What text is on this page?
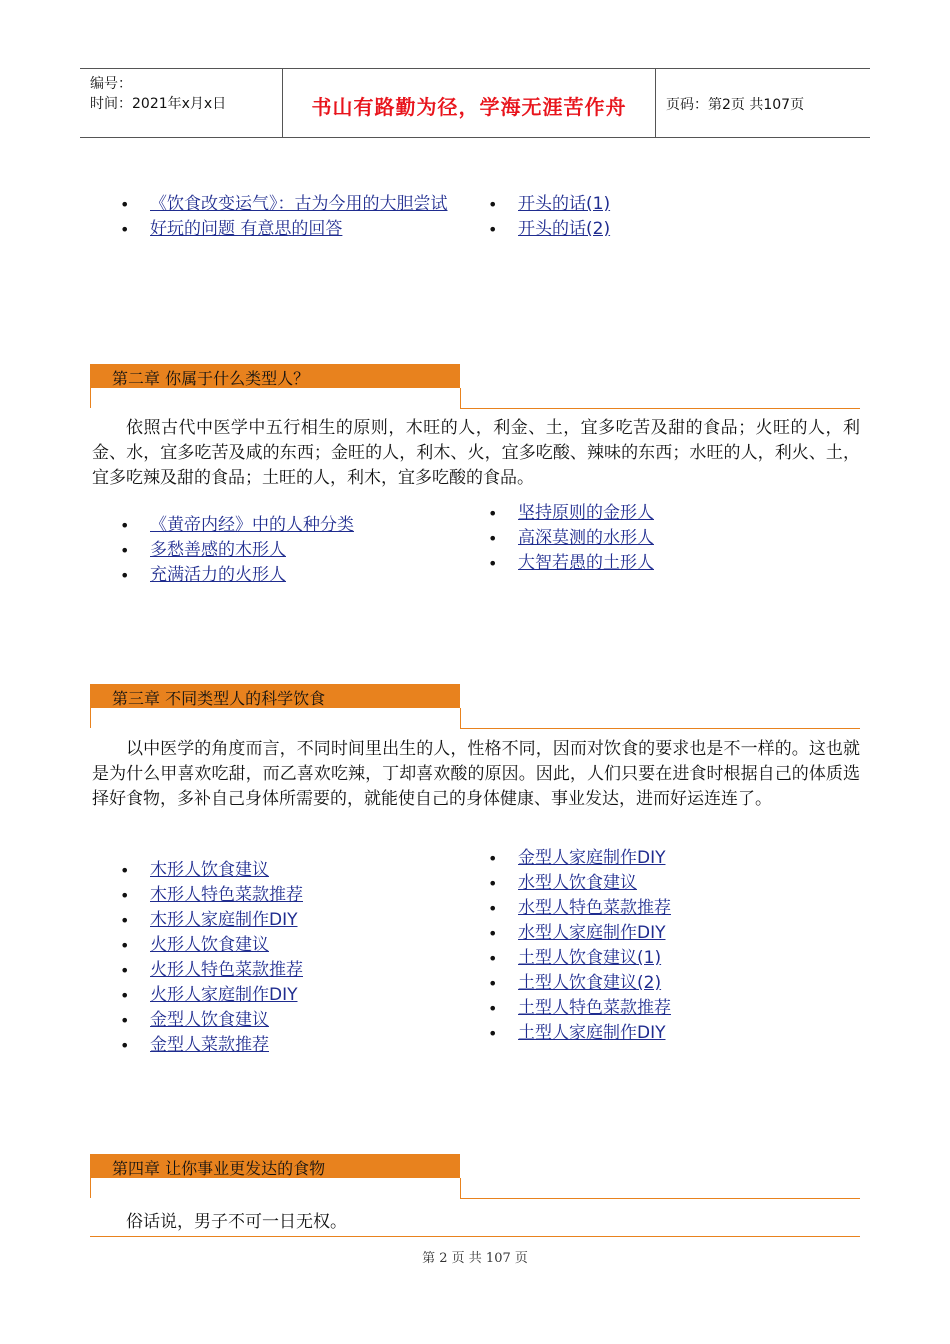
编号：
时间：2021年x月x日	书山有路勤为径，学海无涯苦作舟	页码：第2页 共107页
• 《饮食改变运气》：古为今用的大胆尝试
• 好玩的问题 有意思的回答
• 开头的话(1)
• 开头的话(2)
第二章 你属于什么类型人？

依照古代中医学中五行相生的原则，木旺的人，利金、土，宜多吃苦及甜的食品；火旺的人，利金、水，宜多吃苦及咸的东西；金旺的人，利木、火，宜多吃酸、辣味的东西；水旺的人，利火、土，宜多吃辣及甜的食品；土旺的人，利木，宜多吃酸的食品。

• 《黄帝内经》中的人种分类
• 多愁善感的木形人
• 充满活力的火形人
• 坚持原则的金形人
• 高深莫测的水形人
• 大智若愚的土形人
第三章 不同类型人的科学饮食

以中医学的角度而言，不同时间里出生的人，性格不同，因而对饮食的要求也是不一样的。这也就是为什么甲喜欢吃甜，而乙喜欢吃辣，丁却喜欢酸的原因。因此，人们只要在进食时根据自己的体质选择好食物，多补自己身体所需要的，就能使自己的身体健康、事业发达，进而好运连连了。

• 木形人饮食建议
• 木形人特色菜款推荐
• 木形人家庭制作DIY
• 火形人饮食建议
• 火形人特色菜款推荐
• 火形人家庭制作DIY
• 金型人饮食建议
• 金型人菜款推荐
• 金型人家庭制作DIY
• 水型人饮食建议
• 水型人特色菜款推荐
• 水型人家庭制作DIY
• 土型人饮食建议(1)
• 土型人饮食建议(2)
• 土型人特色菜款推荐
• 土型人家庭制作DIY
第四章 让你事业更发达的食物

俗话说，男子不可一日无权。

第 2 页 共 107 页
